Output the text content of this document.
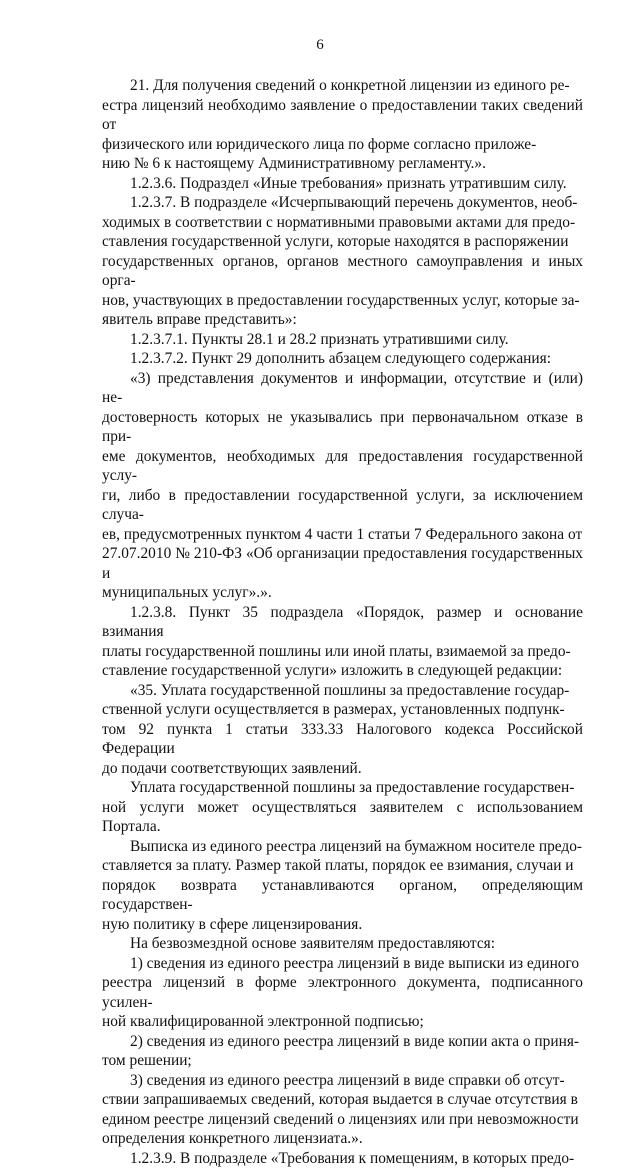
6

21. Для получения сведений о конкретной лицензии из единого ре-
естра лицензий необходимо заявление о предоставлении таких сведений от
физического или юридического лица по форме согласно приложе-
нию № 6 к настоящему Административному регламенту.».

1.2.3.6. Подраздел «Иные требования» признать утратившим силу.

1.2.3.7. В подразделе «Исчерпывающий перечень документов, необ-
ходимых в соответствии с нормативными правовыми актами для предо-
ставления государственной услуги, которые находятся в распоряжении
государственных органов, органов местного самоуправления и иных орга-
нов, участвующих в предоставлении государственных услуг, которые за-
явитель вправе представить»:

1.2.3.7.1. Пункты 28.1 и 28.2 признать утратившими силу.

1.2.3.7.2. Пункт 29 дополнить абзацем следующего содержания:

«3) представления документов и информации, отсутствие и (или) не-
достоверность которых не указывались при первоначальном отказе в при-
еме документов, необходимых для предоставления государственной услу-
ги, либо в предоставлении государственной услуги, за исключением случа-
ев, предусмотренных пунктом 4 части 1 статьи 7 Федерального закона от
27.07.2010 № 210-ФЗ «Об организации предоставления государственных и
муниципальных услуг».».

1.2.3.8. Пункт 35 подраздела «Порядок, размер и основание взимания
платы государственной пошлины или иной платы, взимаемой за предо-
ставление государственной услуги» изложить в следующей редакции:

«35. Уплата государственной пошлины за предоставление государ-
ственной услуги осуществляется в размерах, установленных подпунк-
том 92 пункта 1 статьи 333.33 Налогового кодекса Российской Федерации
до подачи соответствующих заявлений.

Уплата государственной пошлины за предоставление государствен-
ной услуги может осуществляться заявителем с использованием Портала.

Выписка из единого реестра лицензий на бумажном носителе предо-
ставляется за плату. Размер такой платы, порядок ее взимания, случаи и
порядок возврата устанавливаются органом, определяющим государствен-
ную политику в сфере лицензирования.

На безвозмездной основе заявителям предоставляются:

1) сведения из единого реестра лицензий в виде выписки из единого
реестра лицензий в форме электронного документа, подписанного усилен-
ной квалифицированной электронной подписью;

2) сведения из единого реестра лицензий в виде копии акта о приня-
том решении;

3) сведения из единого реестра лицензий в виде справки об отсут-
ствии запрашиваемых сведений, которая выдается в случае отсутствия в
едином реестре лицензий сведений о лицензиях или при невозможности
определения конкретного лицензиата.».

1.2.3.9. В подразделе «Требования к помещениям, в которых предо-
